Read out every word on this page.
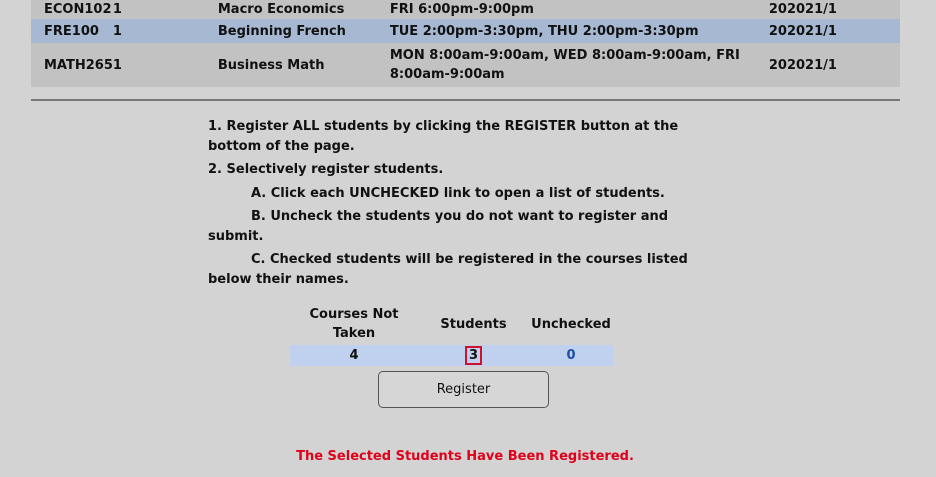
ECON102	1	Macro Economics	FRI 6:00pm-9:00pm	202021/1
FRE100	1	Beginning French	TUE 2:00pm-3:30pm, THU 2:00pm-3:30pm	202021/1
MATH265	1	Business Math	MON 8:00am-9:00am, WED 8:00am-9:00am, FRI 8:00am-9:00am	202021/1

1. Register ALL students by clicking the REGISTER button at the bottom of the page.

2. Selectively register students.

A. Click each UNCHECKED link to open a list of students.

B. Uncheck the students you do not want to register and submit.

C. Checked students will be registered in the courses listed below their names.

Courses Not Taken	Students	Unchecked
4	3	0
Register
The Selected Students Have Been Registered.
